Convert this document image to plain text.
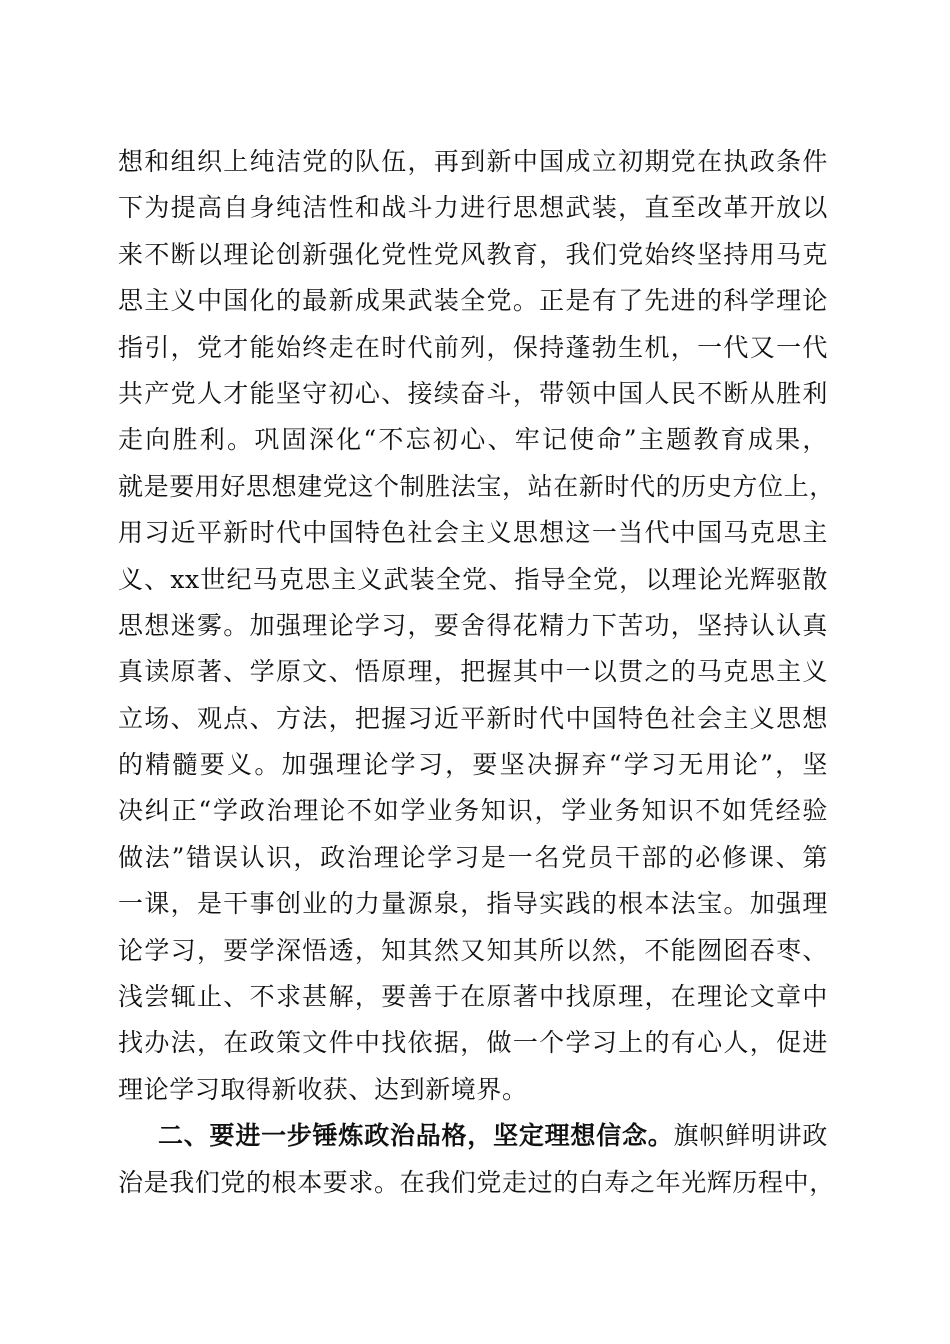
想和组织上纯洁党的队伍，再到新中国成立初期党在执政条件
下为提高自身纯洁性和战斗力进行思想武装，直至改革开放以
来不断以理论创新强化党性党风教育，我们党始终坚持用马克
思主义中国化的最新成果武装全党。正是有了先进的科学理论
指引，党才能始终走在时代前列，保持蓬勃生机，一代又一代
共产党人才能坚守初心、接续奋斗，带领中国人民不断从胜利
走向胜利。巩固深化“不忘初心、牢记使命”主题教育成果，
就是要用好思想建党这个制胜法宝，站在新时代的历史方位上，
用习近平新时代中国特色社会主义思想这一当代中国马克思主
义、xx世纪马克思主义武装全党、指导全党，以理论光辉驱散
思想迷雾。加强理论学习，要舍得花精力下苦功，坚持认认真
真读原著、学原文、悟原理，把握其中一以贯之的马克思主义
立场、观点、方法，把握习近平新时代中国特色社会主义思想
的精髓要义。加强理论学习，要坚决摒弃“学习无用论”，坚
决纠正“学政治理论不如学业务知识，学业务知识不如凭经验
做法”错误认识，政治理论学习是一名党员干部的必修课、第
一课，是干事创业的力量源泉，指导实践的根本法宝。加强理
论学习，要学深悟透，知其然又知其所以然，不能囫囵吞枣、
浅尝辄止、不求甚解，要善于在原著中找原理，在理论文章中
找办法，在政策文件中找依据，做一个学习上的有心人，促进
理论学习取得新收获、达到新境界。
二、要进一步锤炼政治品格，坚定理想信念。旗帜鲜明讲政
治是我们党的根本要求。在我们党走过的白寿之年光辉历程中，
